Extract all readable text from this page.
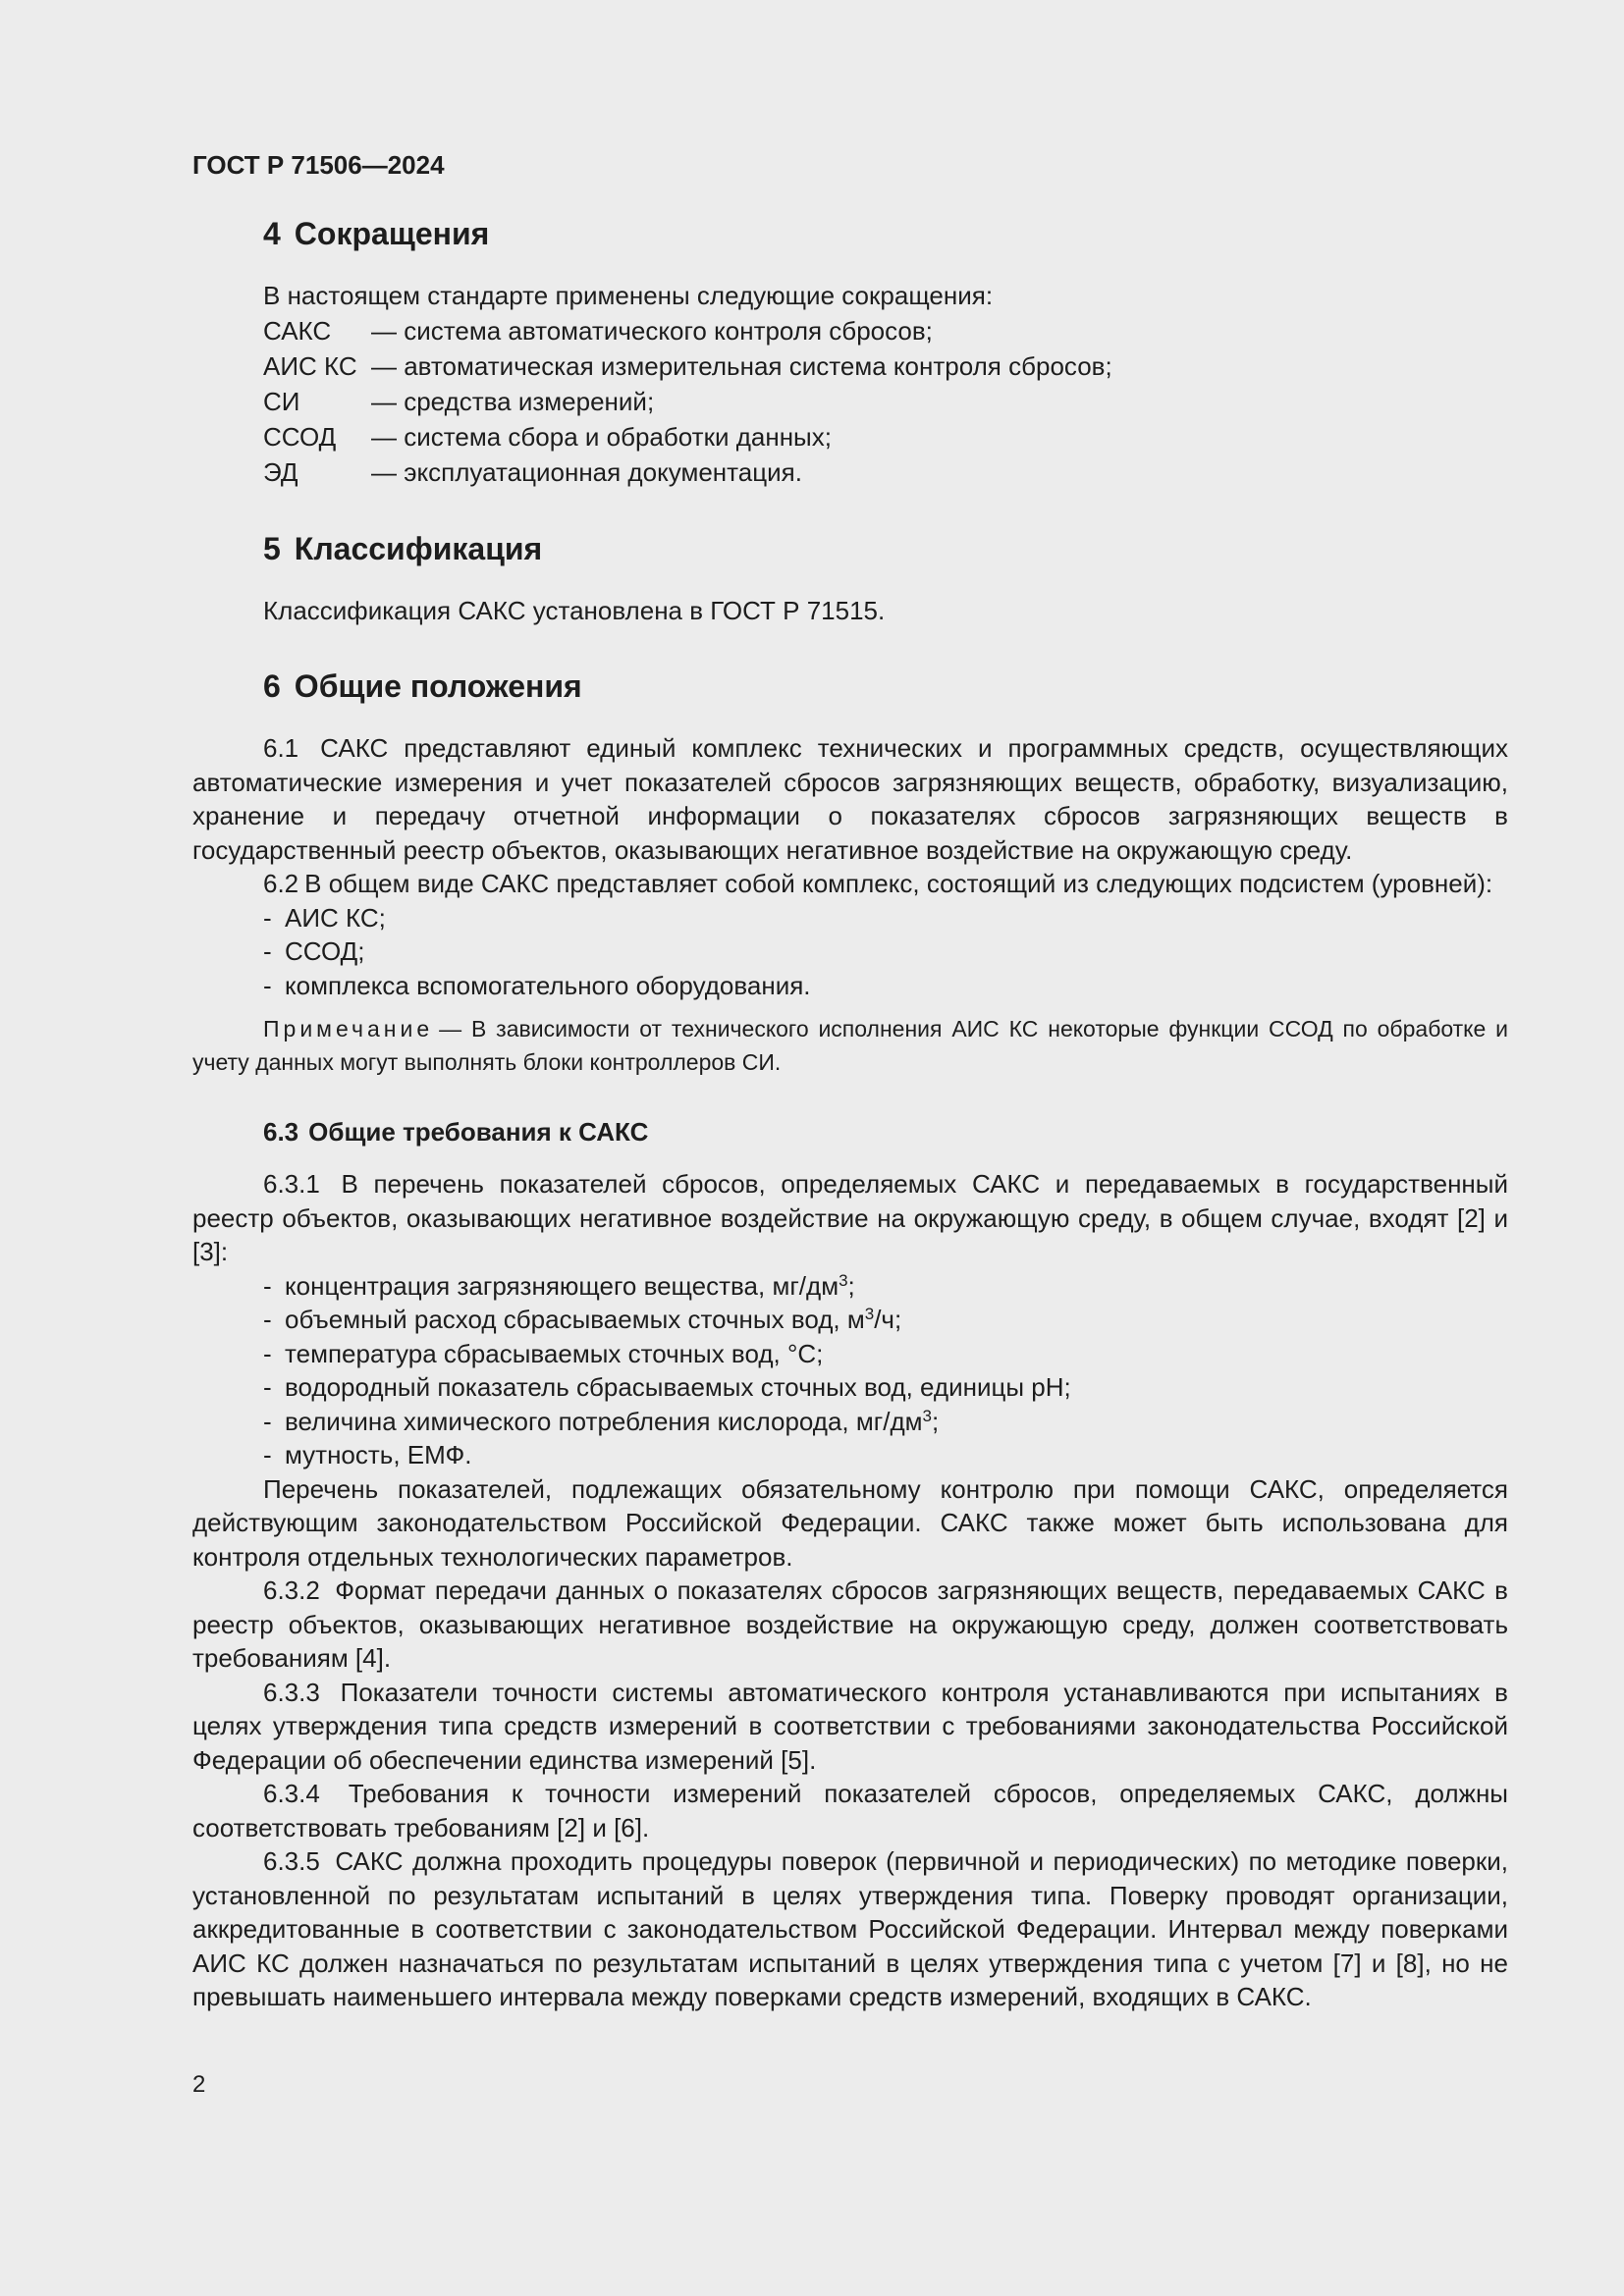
ГОСТ Р 71506—2024
4 Сокращения

В настоящем стандарте применены следующие сокращения:

САКС	— система автоматического контроля сбросов;
АИС КС — автоматическая измерительная система контроля сбросов;
СИ	— средства измерений;
ССОД	— система сбора и обработки данных;
ЭД	— эксплуатационная документация.
5 Классификация

Классификация САКС установлена в ГОСТ Р 71515.

6 Общие положения

6.1 САКС представляют единый комплекс технических и программных средств, осуществляющих автоматические измерения и учет показателей сбросов загрязняющих веществ, обработку, визуализацию, хранение и передачу отчетной информации о показателях сбросов загрязняющих веществ в государственный реестр объектов, оказывающих негативное воздействие на окружающую среду.

6.2 В общем виде САКС представляет собой комплекс, состоящий из следующих подсистем (уровней):

- АИС КС;
- ССОД;
- комплекса вспомогательного оборудования.

Примечание — В зависимости от технического исполнения АИС КС некоторые функции ССОД по обработке и учету данных могут выполнять блоки контроллеров СИ.

6.3 Общие требования к САКС

6.3.1 В перечень показателей сбросов, определяемых САКС и передаваемых в государственный реестр объектов, оказывающих негативное воздействие на окружающую среду, в общем случае, входят [2] и [3]:

- концентрация загрязняющего вещества, $мг/дм^3$;
- объемный расход сбрасываемых сточных вод, $м^3/ч$;
- температура сбрасываемых сточных вод, °С;
- водородный показатель сбрасываемых сточных вод, единицы pH;
- величина химического потребления кислорода, $мг/дм^3$;
- мутность, ЕМФ.

Перечень показателей, подлежащих обязательному контролю при помощи САКС, определяется действующим законодательством Российской Федерации. САКС также может быть использована для контроля отдельных технологических параметров.

6.3.2 Формат передачи данных о показателях сбросов загрязняющих веществ, передаваемых САКС в реестр объектов, оказывающих негативное воздействие на окружающую среду, должен соответствовать требованиям [4].

6.3.3 Показатели точности системы автоматического контроля устанавливаются при испытаниях в целях утверждения типа средств измерений в соответствии с требованиями законодательства Российской Федерации об обеспечении единства измерений [5].

6.3.4 Требования к точности измерений показателей сбросов, определяемых САКС, должны соответствовать требованиям [2] и [6].

6.3.5 САКС должна проходить процедуры поверок (первичной и периодических) по методике поверки, установленной по результатам испытаний в целях утверждения типа. Поверку проводят организации, аккредитованные в соответствии с законодательством Российской Федерации. Интервал между поверками АИС КС должен назначаться по результатам испытаний в целях утверждения типа с учетом [7] и [8], но не превышать наименьшего интервала между поверками средств измерений, входящих в САКС.

2
